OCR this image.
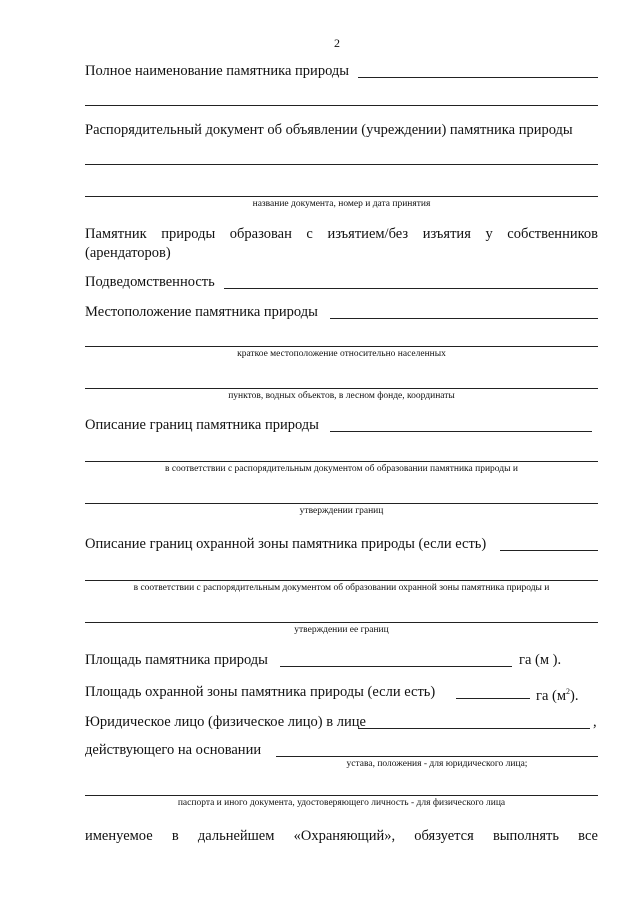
2
Полное наименование памятника природы
Распорядительный документ об объявлении (учреждении) памятника природы
название документа, номер и дата принятия
Памятник природы образован с изъятием/без изъятия у собственников
(арендаторов)
Подведомственность
Местоположение памятника природы
краткое местоположение относительно населенных
пунктов, водных объектов, в лесном фонде, координаты
Описание границ памятника природы
в соответствии с распорядительным документом об образовании памятника природы и
утверждении границ
Описание границ охранной зоны памятника природы (если есть)
в соответствии с распорядительным документом об образовании охранной зоны памятника природы и
утверждении ее границ
Площадь памятника природы	га (м ).
Площадь охранной зоны памятника природы (если есть)	га $(м^2)$.
Юридическое лицо (физическое лицо) в лице	,
действующего на основании
устава, положения - для юридического лица;
паспорта и иного документа, удостоверяющего личность - для физического лица
именуемое в дальнейшем «Охраняющий», обязуется выполнять все
